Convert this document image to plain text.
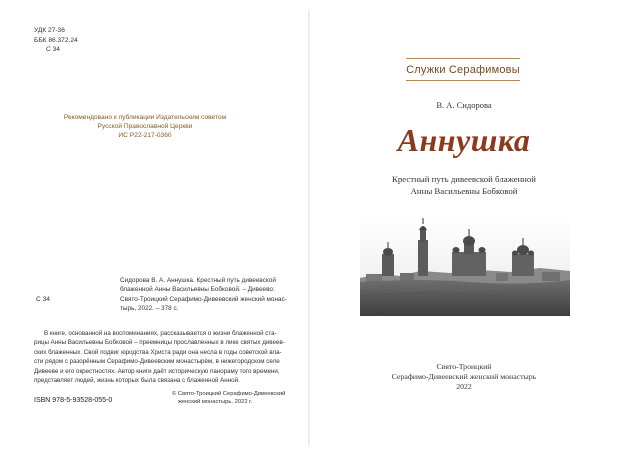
УДК 27-36
ББК 86.372.24
С 34
Рекомендовано к публикации Издательским советом
Русской Православной Церкви
ИС Р22-217-0360
С 34
Сидорова В. А. Аннушка. Крестный путь дивеевской
блаженной Анны Васильевны Бобковой. – Дивеево:
Свято-Троицкий Серафимо-Дивеевский женский монас-
тырь, 2022. – 378 с.
В книге, основанной на воспоминаниях, рассказывается о жизни блаженной ста-
рицы Анны Васильевны Бобковой – преемницы прославленных в лике святых дивеев-
ских блаженных. Свой подвиг юродства Христа ради она несла в годы советской вла-
сти рядом с разорённым Серафимо-Дивеевским монастырём, в нижегородском селе
Дивееве и его окрестностях. Автор книги даёт историческую панораму того времени,
представляет людей, жизнь которых была связана с блаженной Анной.
ISBN 978-5-93528-055-0
© Свято-Троицкий Серафимо-Дивеевский
женский монастырь, 2022 г.
Служки Серафимовы
В. А. Сидорова
Аннушка
Крестный путь дивеевской блаженной
Анны Васильевны Бобковой
Свято-Троицкий
Серафимо-Дивеевский женский монастырь
2022
